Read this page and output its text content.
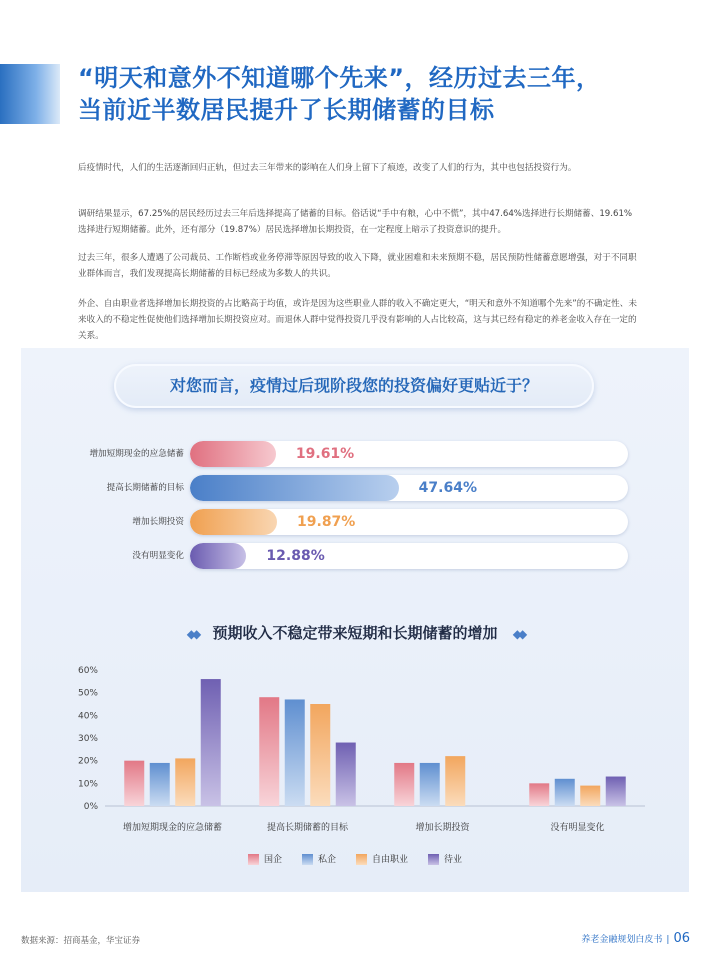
“明天和意外不知道哪个先来”，经历过去三年，
当前近半数居民提升了长期储蓄的目标

后疫情时代，人们的生活逐渐回归正轨，但过去三年带来的影响在人们身上留下了痕迹，改变了人们的行为，其中也包括投资行为。

调研结果显示，67.25%的居民经历过去三年后选择提高了储蓄的目标。俗话说“手中有粮，心中不慌”，其中47.64%选择进行长期储蓄、19.61%选择进行短期储蓄。此外，还有部分（19.87%）居民选择增加长期投资，在一定程度上暗示了投资意识的提升。

过去三年，很多人遭遇了公司裁员、工作断档或业务停滞等原因导致的收入下降，就业困难和未来预期不稳，居民预防性储蓄意愿增强，对于不同职业群体而言，我们发现提高长期储蓄的目标已经成为多数人的共识。

外企、自由职业者选择增加长期投资的占比略高于均值，或许是因为这些职业人群的收入不确定更大，“明天和意外不知道哪个先来”的不确定性、未来收入的不稳定性促使他们选择增加长期投资应对。而退休人群中觉得投资几乎没有影响的人占比较高，这与其已经有稳定的养老金收入存在一定的关系。

对您而言，疫情过后现阶段您的投资偏好更贴近于？
增加短期现金的应急储蓄	19.61%
提高长期储蓄的目标	47.64%
增加长期投资	19.87%
没有明显变化	12.88%
◆◆ 预期收入不稳定带来短期和长期储蓄的增加 ◆◆
0%
10%
20%
30%
40%
50%
60%
增加短期现金的应急储蓄	提高长期储蓄的目标	增加长期投资	没有明显变化
国企	私企	自由职业	待业
数据来源：招商基金，华宝证券	养老金融规划白皮书 | 06
